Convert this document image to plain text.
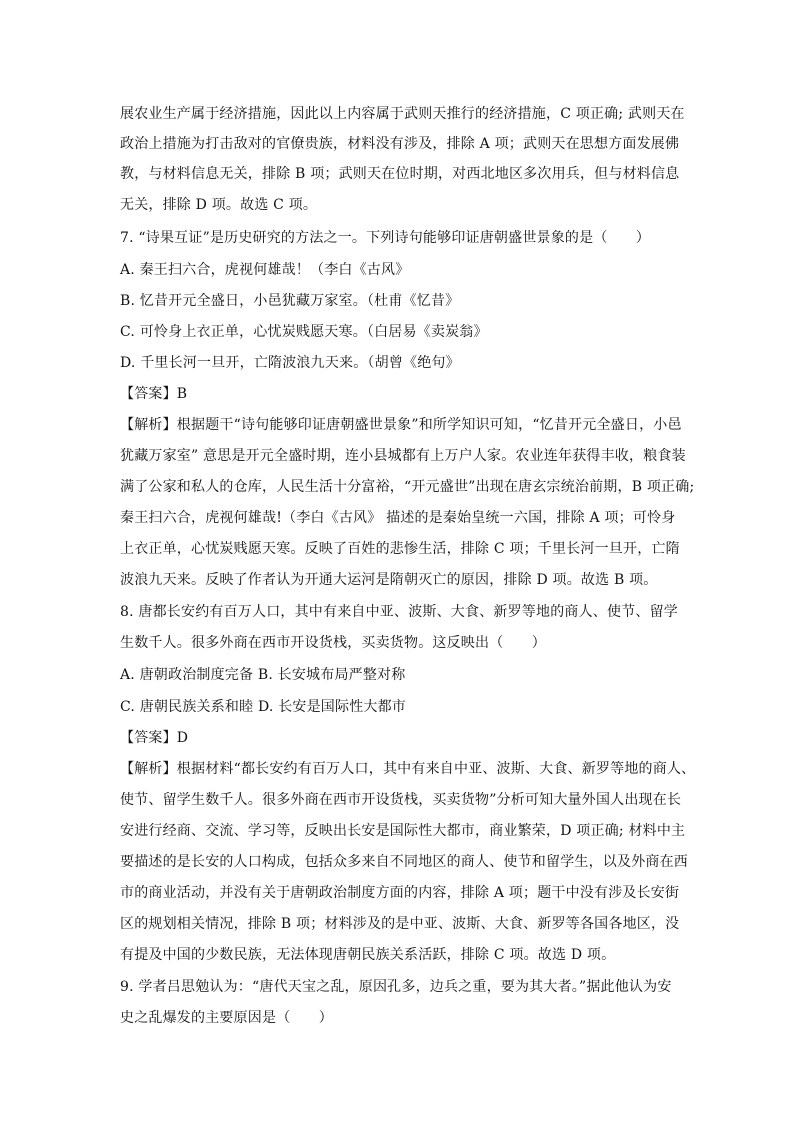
展农业生产属于经济措施，因此以上内容属于武则天推行的经济措施，C 项正确; 武则天在
政治上措施为打击敌对的官僚贵族，材料没有涉及，排除 A 项；武则天在思想方面发展佛
教，与材料信息无关，排除 B 项；武则天在位时期，对西北地区多次用兵，但与材料信息
无关，排除 D 项。故选 C 项。
7. “诗果互证”是历史研究的方法之一。下列诗句能够印证唐朝盛世景象的是（　　）
A. 秦王扫六合，虎视何雄哉！（李白《古风》
B. 忆昔开元全盛日，小邑犹藏万家室。（杜甫《忆昔》
C. 可怜身上衣正单，心忧炭贱愿天寒。（白居易《卖炭翁》
D. 千里长河一旦开，亡隋波浪九天来。（胡曾《绝句》
【答案】B
【解析】根据题干“诗句能够印证唐朝盛世景象”和所学知识可知，“忆昔开元全盛日，小邑
犹藏万家室” 意思是开元全盛时期，连小县城都有上万户人家。农业连年获得丰收，粮食装
满了公家和私人的仓库，人民生活十分富裕，“开元盛世”出现在唐玄宗统治前期，B 项正确;
秦王扫六合，虎视何雄哉!（李白《古风》 描述的是秦始皇统一六国，排除 A 项；可怜身
上衣正单，心忧炭贱愿天寒。反映了百姓的悲惨生活，排除 C 项；千里长河一旦开，亡隋
波浪九天来。反映了作者认为开通大运河是隋朝灭亡的原因，排除 D 项。故选 B 项。
8. 唐都长安约有百万人口，其中有来自中亚、波斯、大食、新罗等地的商人、使节、留学
生数千人。很多外商在西市开设货栈，买卖货物。这反映出（　　）
A. 唐朝政治制度完备 B. 长安城布局严整对称
C. 唐朝民族关系和睦 D. 长安是国际性大都市
【答案】D
【解析】根据材料“都长安约有百万人口，其中有来自中亚、波斯、大食、新罗等地的商人、
使节、留学生数千人。很多外商在西市开设货栈，买卖货物”分析可知大量外国人出现在长
安进行经商、交流、学习等，反映出长安是国际性大都市，商业繁荣，D 项正确; 材料中主
要描述的是长安的人口构成，包括众多来自不同地区的商人、使节和留学生，以及外商在西
市的商业活动，并没有关于唐朝政治制度方面的内容，排除 A 项；题干中没有涉及长安街
区的规划相关情况，排除 B 项；材料涉及的是中亚、波斯、大食、新罗等各国各地区，没
有提及中国的少数民族，无法体现唐朝民族关系活跃，排除 C 项。故选 D 项。
9. 学者吕思勉认为：“唐代天宝之乱，原因孔多，边兵之重，要为其大者。”据此他认为安
史之乱爆发的主要原因是（　　）
